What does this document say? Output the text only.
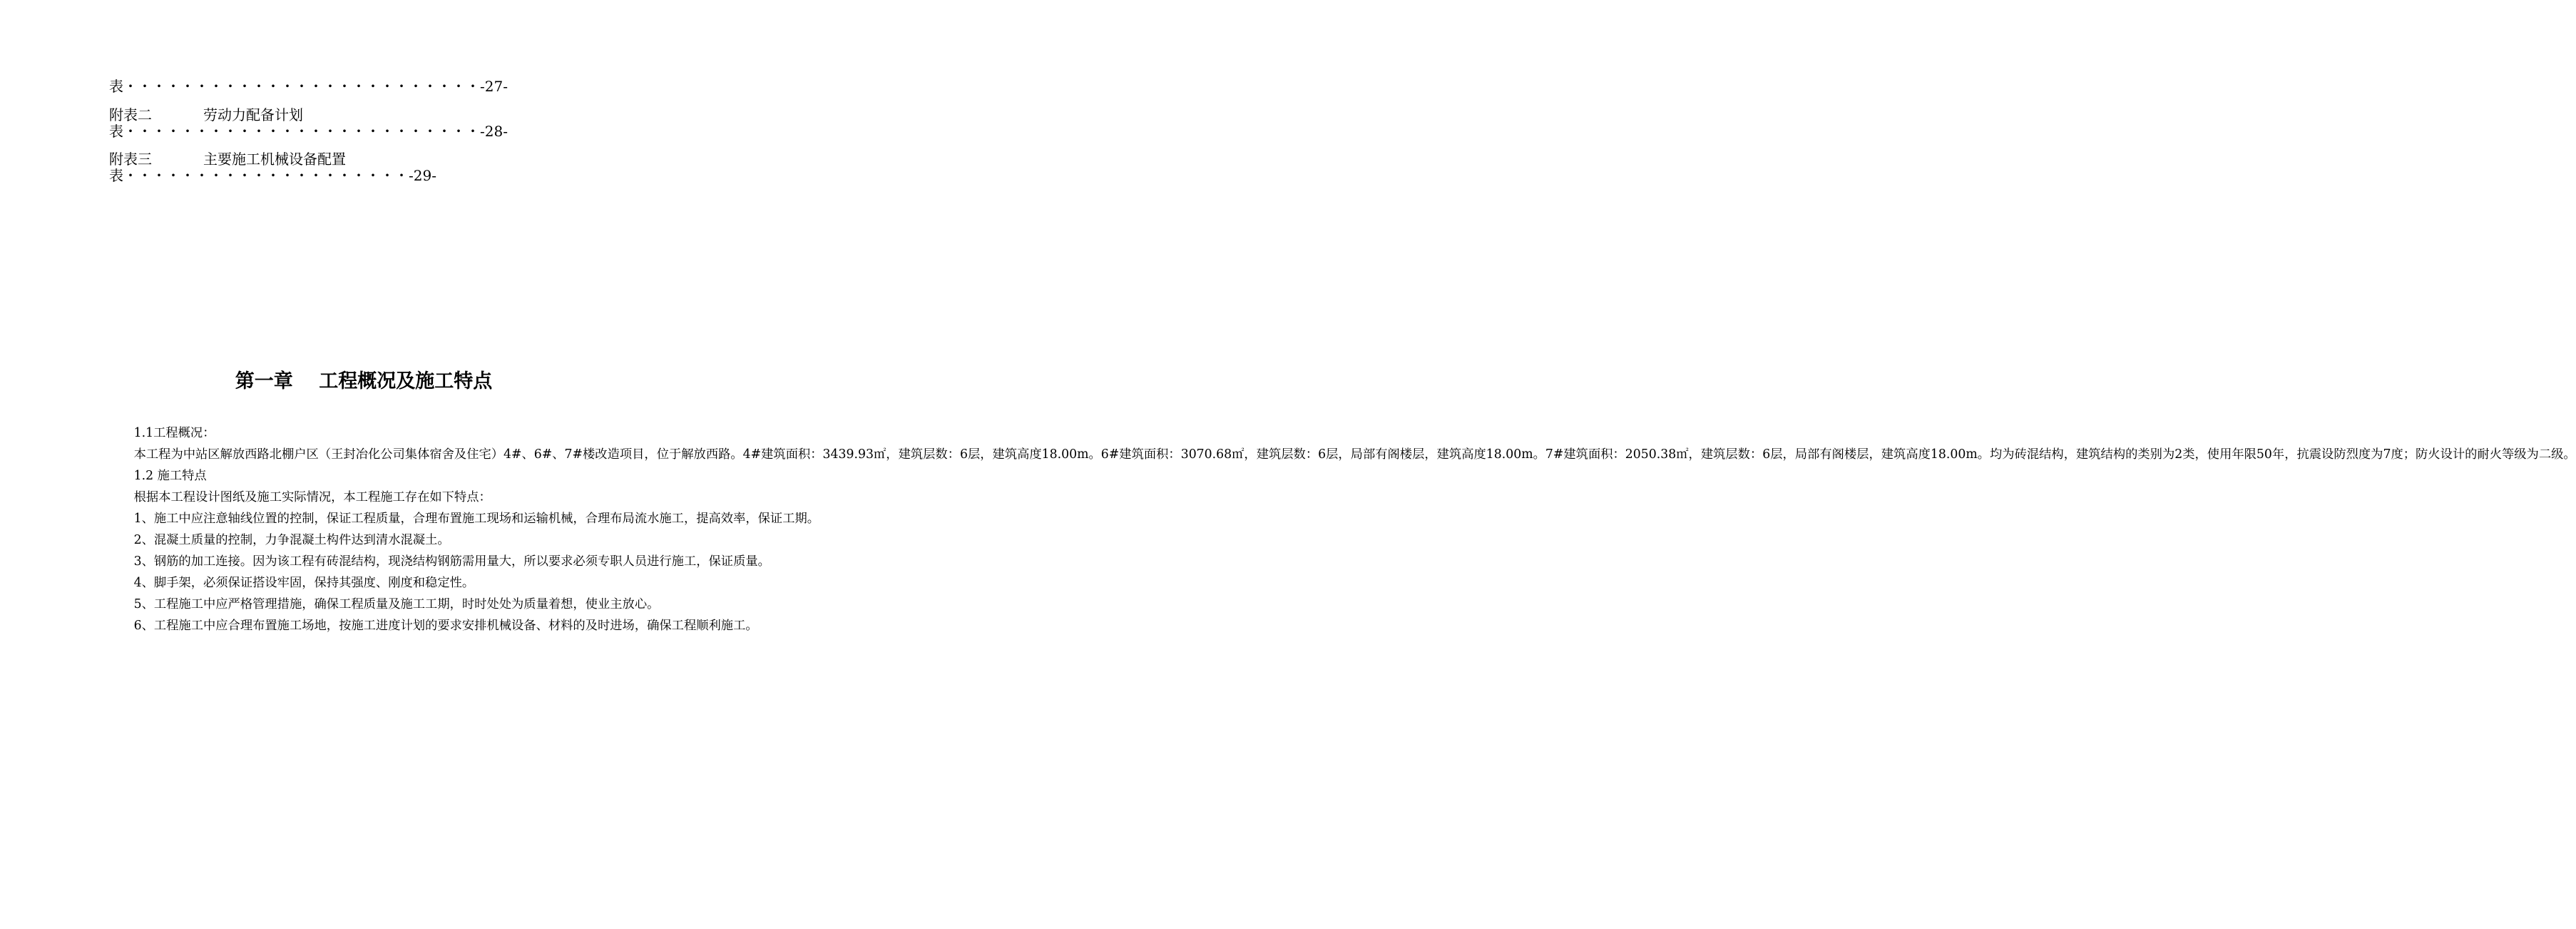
表・・・・・・・・・・・・・・・・・・・・・・・・・-27-
附表二	劳动力配备计划
表・・・・・・・・・・・・・・・・・・・・・・・・・-28-
附表三	主要施工机械设备配置
表・・・・・・・・・・・・・・・・・・・・-29-
第一章　 工程概况及施工特点

1.1工程概况：

本工程为中站区解放西路北棚户区（王封冶化公司集体宿舍及住宅）4#、6#、7#楼改造项目，位于解放西路。4#建筑面积：3439.93㎡，建筑层数：6层，建筑高度18.00m。6#建筑面积：3070.68㎡，建筑层数：6层，局部有阁楼层，建筑高度18.00m。7#建筑面积：2050.38㎡，建筑层数：6层，局部有阁楼层，建筑高度18.00m。均为砖混结构，建筑结构的类别为2类，使用年限50年，抗震设防烈度为7度；防火设计的耐火等级为二级。

1.2 施工特点

根据本工程设计图纸及施工实际情况，本工程施工存在如下特点：

1、施工中应注意轴线位置的控制，保证工程质量，合理布置施工现场和运输机械，合理布局流水施工，提高效率，保证工期。

2、混凝土质量的控制，力争混凝土构件达到清水混凝土。

3、钢筋的加工连接。因为该工程有砖混结构，现浇结构钢筋需用量大，所以要求必须专职人员进行施工，保证质量。

4、脚手架，必须保证搭设牢固，保持其强度、刚度和稳定性。

5、工程施工中应严格管理措施，确保工程质量及施工工期，时时处处为质量着想，使业主放心。

6、工程施工中应合理布置施工场地，按施工进度计划的要求安排机械设备、材料的及时进场，确保工程顺利施工。
